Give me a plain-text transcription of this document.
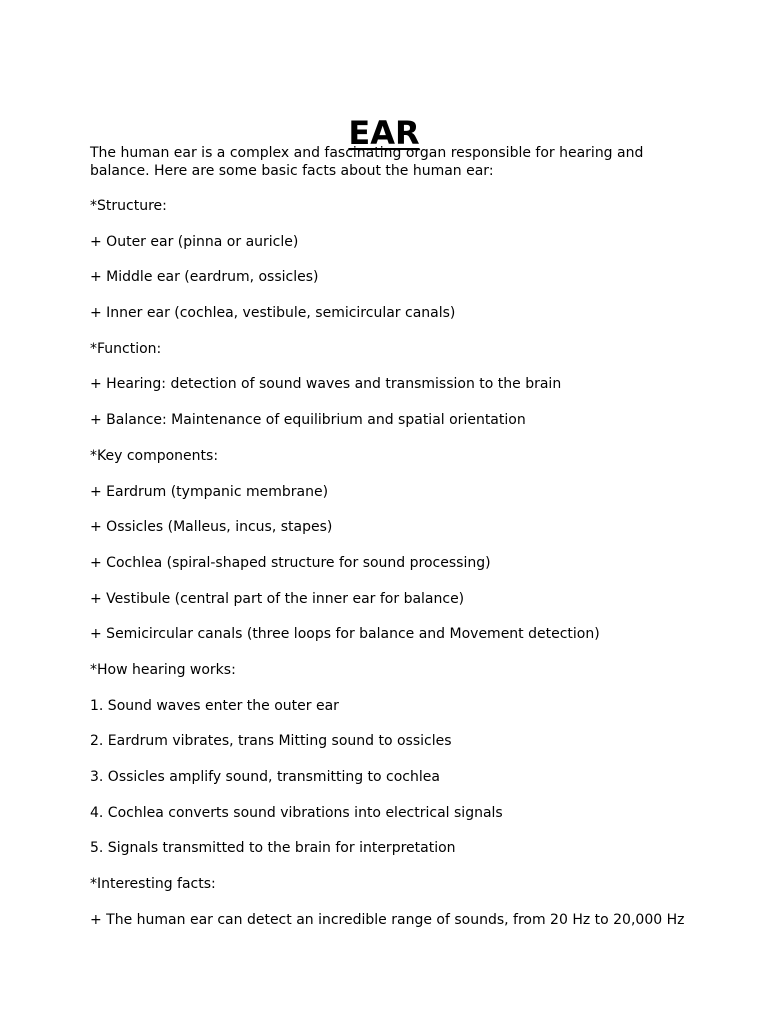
EAR

The human ear is a complex and fascinating organ responsible for hearing and balance. Here are some basic facts about the human ear:

*Structure:
+ Outer ear (pinna or auricle)
+ Middle ear (eardrum, ossicles)
+ Inner ear (cochlea, vestibule, semicircular canals)
*Function:
+ Hearing: detection of sound waves and transmission to the brain
+ Balance: Maintenance of equilibrium and spatial orientation
*Key components:
+ Eardrum (tympanic membrane)
+ Ossicles (Malleus, incus, stapes)
+ Cochlea (spiral-shaped structure for sound processing)
+ Vestibule (central part of the inner ear for balance)
+ Semicircular canals (three loops for balance and Movement detection)
*How hearing works:
1. Sound waves enter the outer ear
2. Eardrum vibrates, trans Mitting sound to ossicles
3. Ossicles amplify sound, transmitting to cochlea
4. Cochlea converts sound vibrations into electrical signals
5. Signals transmitted to the brain for interpretation
*Interesting facts:
+ The human ear can detect an incredible range of sounds, from 20 Hz to 20,000 Hz
